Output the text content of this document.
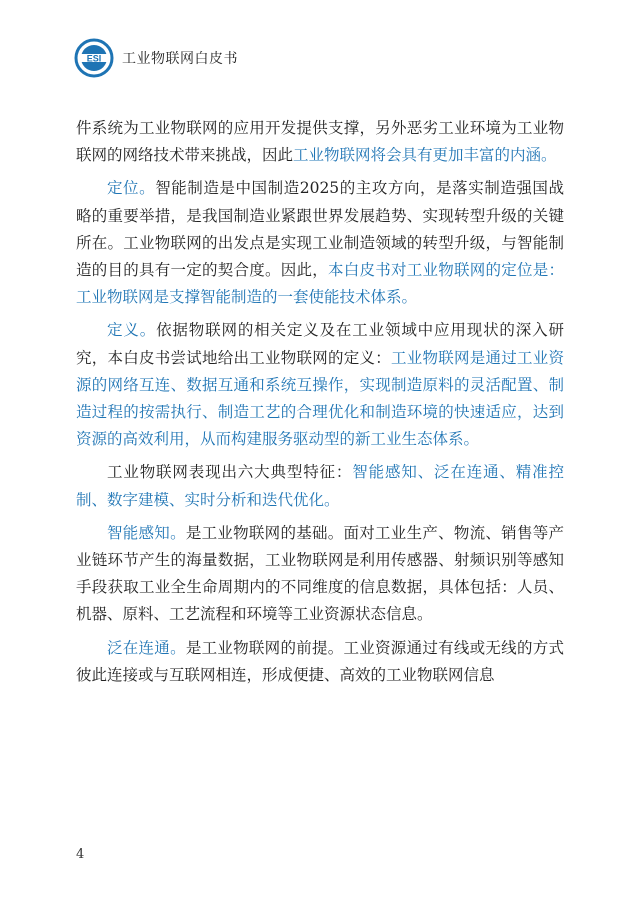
ESI 工业物联网白皮书

件系统为工业物联网的应用开发提供支撑，另外恶劣工业环境为工业物联网的网络技术带来挑战，因此工业物联网将会具有更加丰富的内涵。

定位。智能制造是中国制造2025的主攻方向，是落实制造强国战略的重要举措，是我国制造业紧跟世界发展趋势、实现转型升级的关键所在。工业物联网的出发点是实现工业制造领域的转型升级，与智能制造的目的具有一定的契合度。因此，本白皮书对工业物联网的定位是：工业物联网是支撑智能制造的一套使能技术体系。

定义。依据物联网的相关定义及在工业领域中应用现状的深入研究，本白皮书尝试地给出工业物联网的定义：工业物联网是通过工业资源的网络互连、数据互通和系统互操作，实现制造原料的灵活配置、制造过程的按需执行、制造工艺的合理优化和制造环境的快速适应，达到资源的高效利用，从而构建服务驱动型的新工业生态体系。

工业物联网表现出六大典型特征：智能感知、泛在连通、精准控制、数字建模、实时分析和迭代优化。

智能感知。是工业物联网的基础。面对工业生产、物流、销售等产业链环节产生的海量数据，工业物联网是利用传感器、射频识别等感知手段获取工业全生命周期内的不同维度的信息数据，具体包括：人员、机器、原料、工艺流程和环境等工业资源状态信息。

泛在连通。是工业物联网的前提。工业资源通过有线或无线的方式彼此连接或与互联网相连，形成便捷、高效的工业物联网信息

4
